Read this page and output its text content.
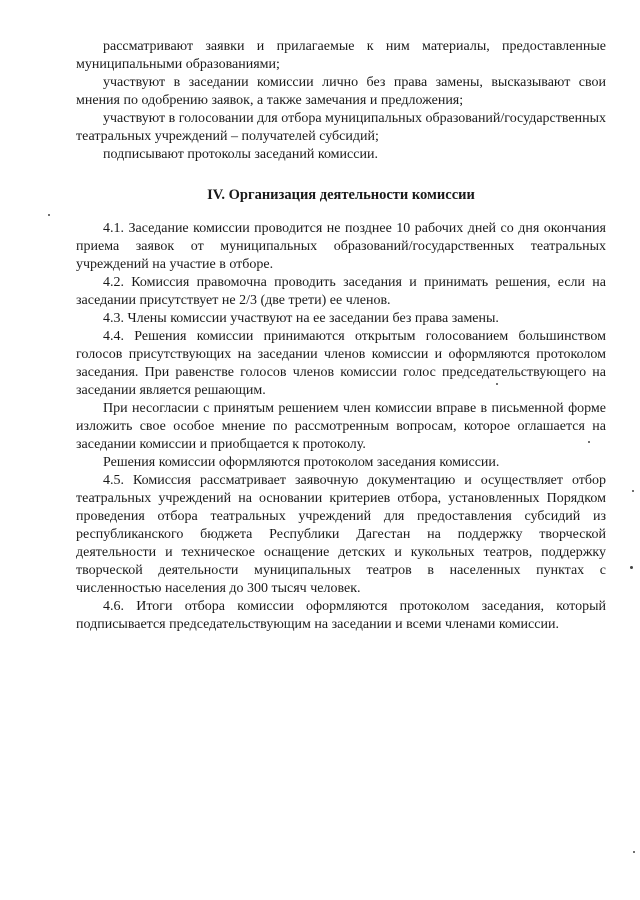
рассматривают заявки и прилагаемые к ним материалы, предоставленные муниципальными образованиями;

участвуют в заседании комиссии лично без права замены, высказывают свои мнения по одобрению заявок, а также замечания и предложения;

участвуют в голосовании для отбора муниципальных образований/государственных театральных учреждений – получателей субсидий;

подписывают протоколы заседаний комиссии.

IV. Организация деятельности комиссии

4.1. Заседание комиссии проводится не позднее 10 рабочих дней со дня окончания приема заявок от муниципальных образований/государственных театральных учреждений на участие в отборе.

4.2. Комиссия правомочна проводить заседания и принимать решения, если на заседании присутствует не 2/3 (две трети) ее членов.

4.3. Члены комиссии участвуют на ее заседании без права замены.

4.4. Решения комиссии принимаются открытым голосованием большинством голосов присутствующих на заседании членов комиссии и оформляются протоколом заседания. При равенстве голосов членов комиссии голос председательствующего на заседании является решающим.

При несогласии с принятым решением член комиссии вправе в письменной форме изложить свое особое мнение по рассмотренным вопросам, которое оглашается на заседании комиссии и приобщается к протоколу.

Решения комиссии оформляются протоколом заседания комиссии.

4.5. Комиссия рассматривает заявочную документацию и осуществляет отбор театральных учреждений на основании критериев отбора, установленных Порядком проведения отбора театральных учреждений для предоставления субсидий из республиканского бюджета Республики Дагестан на поддержку творческой деятельности и техническое оснащение детских и кукольных театров, поддержку творческой деятельности муниципальных театров в населенных пунктах с численностью населения до 300 тысяч человек.

4.6. Итоги отбора комиссии оформляются протоколом заседания, который подписывается председательствующим на заседании и всеми членами комиссии.
